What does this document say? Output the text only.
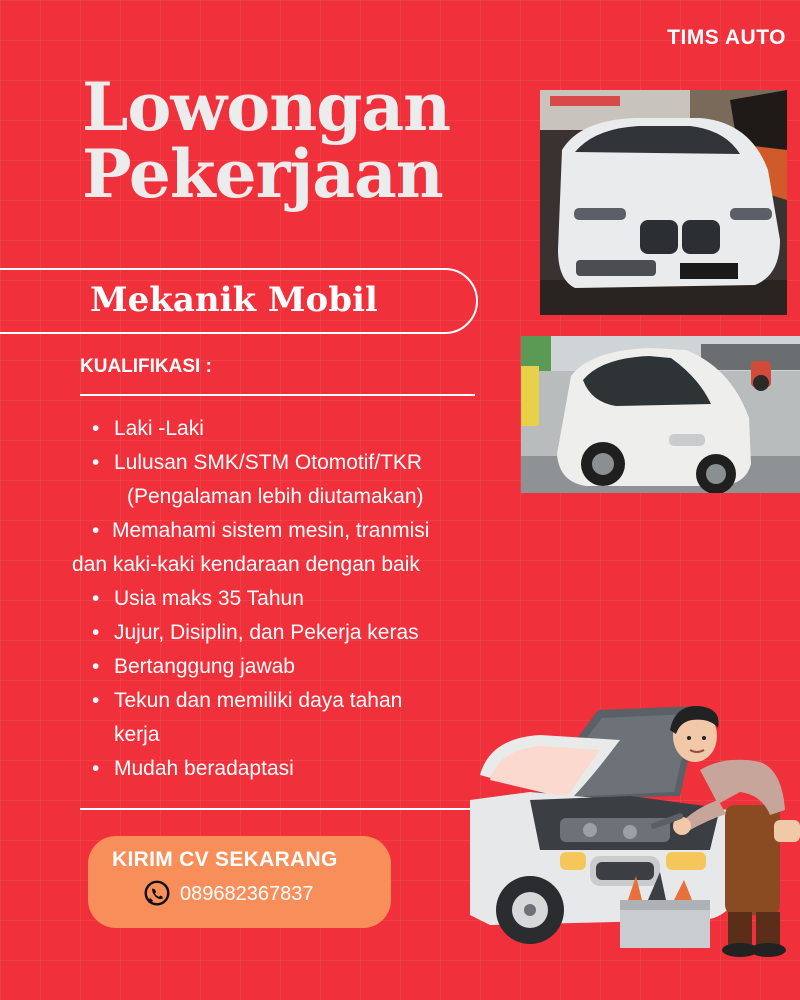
TIMS AUTO
Lowongan
Pekerjaan
Mekanik Mobil
KUALIFIKASI :
• Laki -Laki
• Lulusan SMK/STM Otomotif/TKR
(Pengalaman lebih diutamakan)
• Memahami sistem mesin, tranmisi
dan kaki-kaki kendaraan dengan baik
• Usia maks 35 Tahun
• Jujur, Disiplin, dan Pekerja keras
• Bertanggung jawab
• Tekun dan memiliki daya tahan
kerja
• Mudah beradaptasi
KIRIM CV SEKARANG
089682367837
